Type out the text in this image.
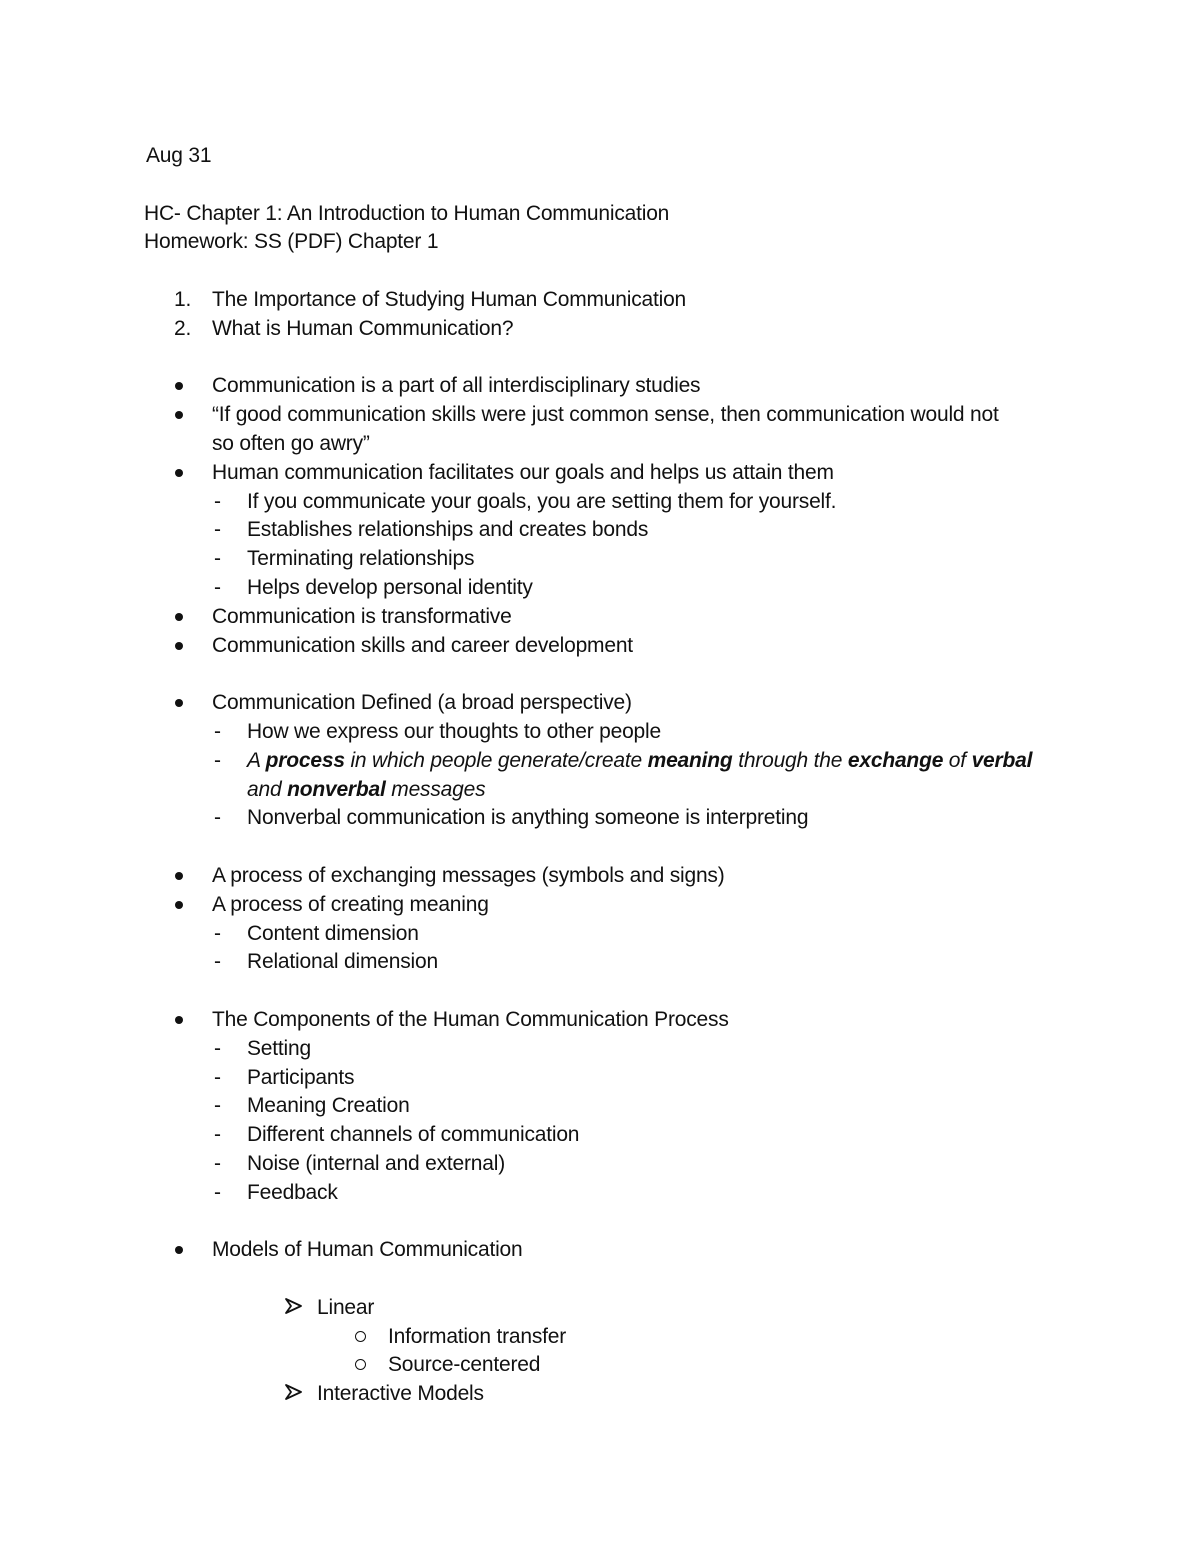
Aug 31
HC- Chapter 1: An Introduction to Human Communication
Homework: SS (PDF) Chapter 1
1. The Importance of Studying Human Communication
2. What is Human Communication?
Communication is a part of all interdisciplinary studies
“If good communication skills were just common sense, then communication would not
so often go awry”
Human communication facilitates our goals and helps us attain them
- If you communicate your goals, you are setting them for yourself.
- Establishes relationships and creates bonds
- Terminating relationships
- Helps develop personal identity
Communication is transformative
Communication skills and career development
Communication Defined (a broad perspective)
- How we express our thoughts to other people
- A process in which people generate/create meaning through the exchange of verbal
and nonverbal messages
- Nonverbal communication is anything someone is interpreting
A process of exchanging messages (symbols and signs)
A process of creating meaning
- Content dimension
- Relational dimension
The Components of the Human Communication Process
- Setting
- Participants
- Meaning Creation
- Different channels of communication
- Noise (internal and external)
- Feedback
Models of Human Communication
Linear
Information transfer
Source-centered
Interactive Models
